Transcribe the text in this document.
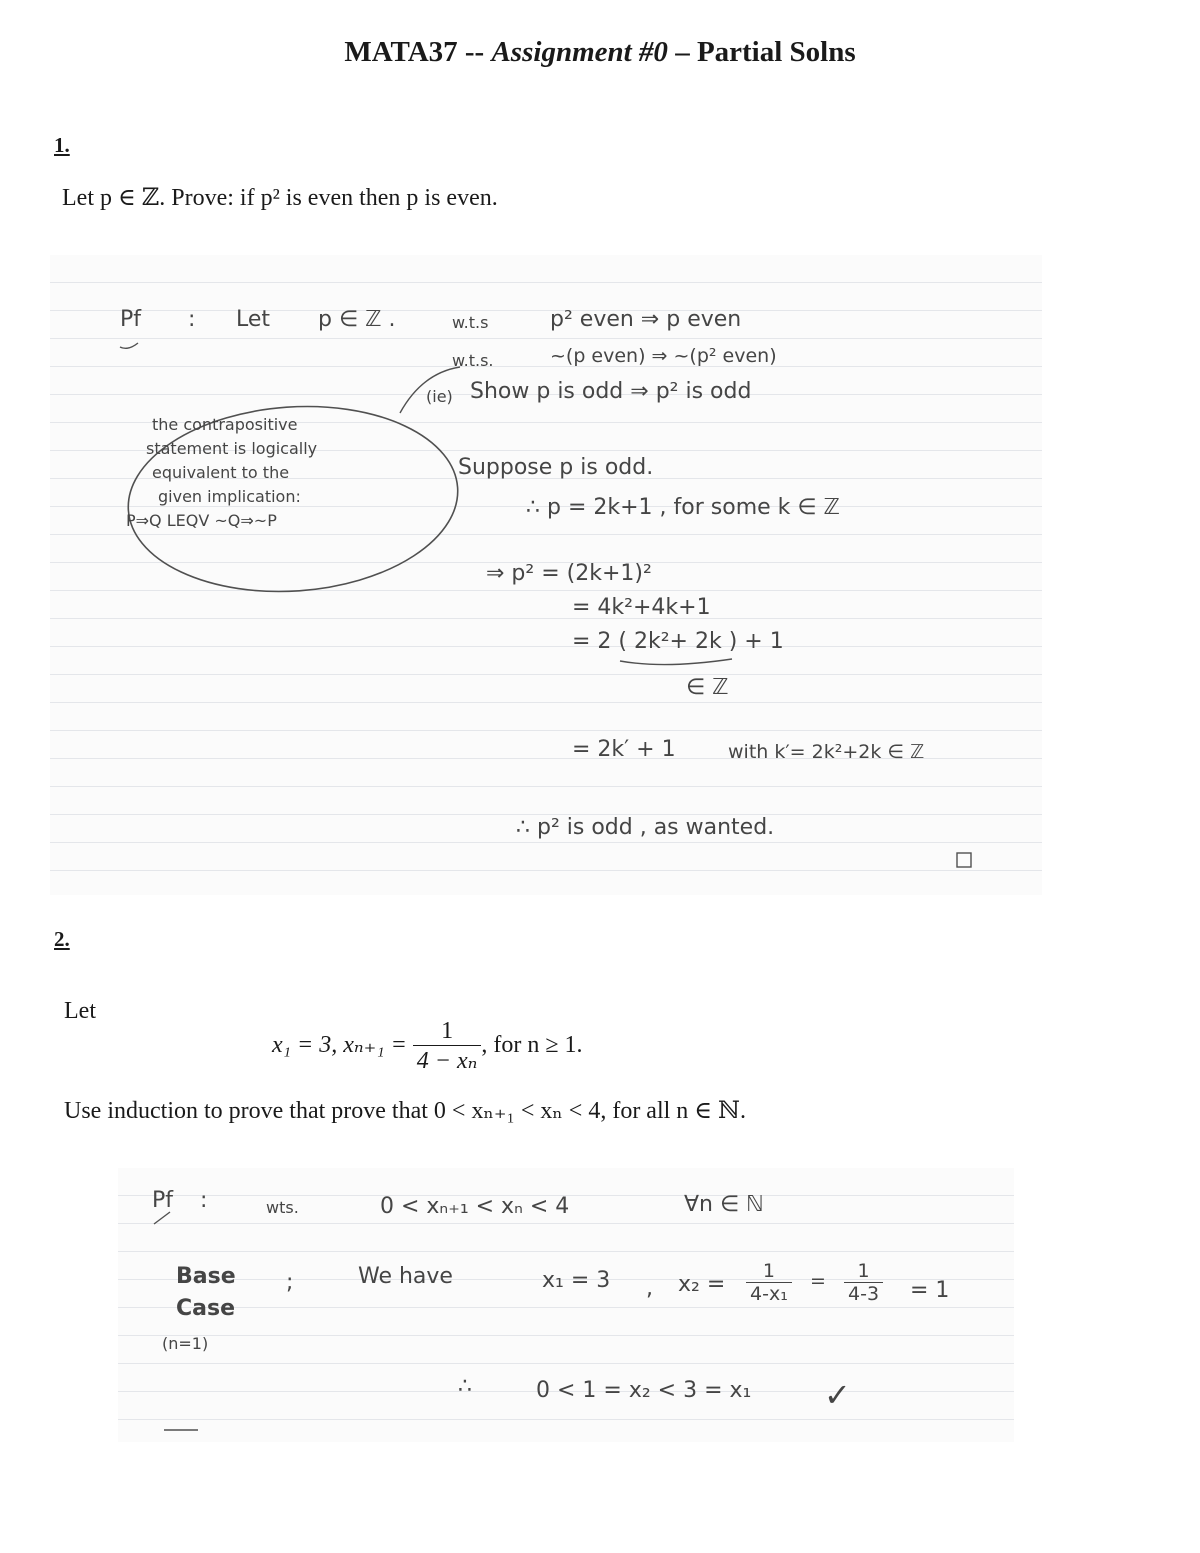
MATA37 -- Assignment #0 – Partial Solns
1.
Let p ∈ ℤ. Prove: if p² is even then p is even.
Pf : Let p ∈ ℤ .	w.t.s	p² even ⇒ p even
w.t.s.	~(p even) ⇒ ~(p² even)
(ie) Show p is odd ⇒ p² is odd
the contrapositive
statement is logically
equivalent to the
given implication:
P⇒Q LEQV ~Q⇒~P
Suppose p is odd.
∴ p = 2k+1 , for some k ∈ ℤ
⇒ p² = (2k+1)²
= 4k²+4k+1
= 2 ( 2k²+ 2k ) + 1
∈ ℤ
= 2k′ + 1	with k′= 2k²+2k ∈ ℤ
∴ p² is odd , as wanted.
2.
Let
x₁ = 3, $x_{n+1} = \frac{1}{\text{4 − xₙ}}$ , for n ≥ 1.
Use induction to prove that prove that 0 < xₙ₊₁ < xₙ < 4, for all n ∈ ℕ.
Pf :	wts.	0 < xₙ₊₁ < xₙ < 4	∀n ∈ ℕ
Base
Case
(n=1)
;	We have	x₁ = 3 , $x_2 = \frac{1}{\text{4-x₁}} = \frac{1}{4-3} = 1$
∴	0 < 1 = x₂ < 3 = x₁ ✓
